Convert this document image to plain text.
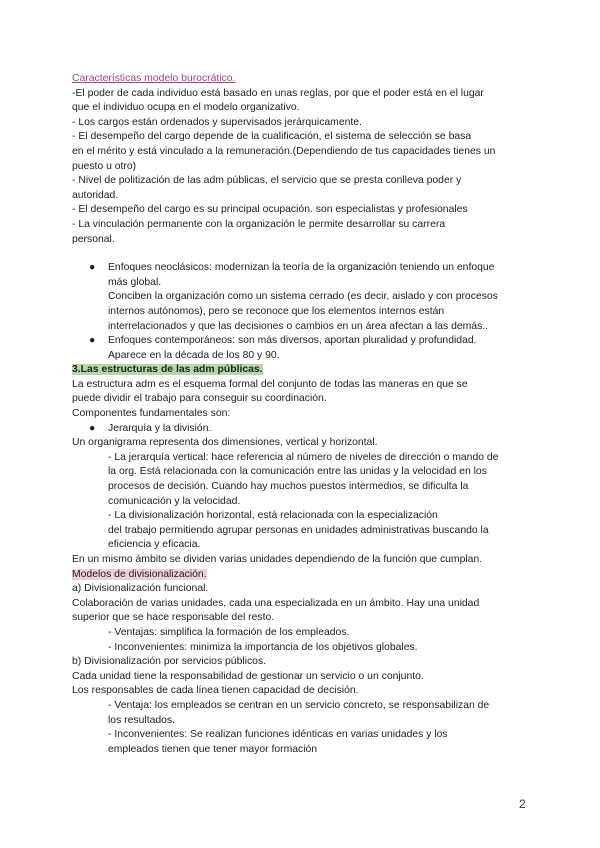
Características modelo burocrático.
-El poder de cada individuo está basado en unas reglas, por que el poder está en el lugar
que el individuo ocupa en el modelo organizativo.
- Los cargos están ordenados y supervisados jerárquicamente.
- El desempeño del cargo depende de la cualificación, el sistema de selección se basa
en el mérito y está vinculado a la remuneración.(Dependiendo de tus capacidades tienes un
puesto u otro)
- Nivel de politización de las adm públicas, el servicio que se presta conlleva poder y
autoridad.
- El desempeño del cargo es su principal ocupación. son especialistas y profesionales
- La vinculación permanente con la organización le permite desarrollar su carrera
personal.
● Enfoques neoclásicos: modernizan la teoría de la organización teniendo un enfoque
más global.
Conciben la organización como un sistema cerrado (es decir, aislado y con procesos
internos autónomos), pero se reconoce que los elementos internos están
interrelacionados y que las decisiones o cambios en un área afectan a las demás..
● Enfoques contemporáneos: son más diversos, aportan pluralidad y profundidad.
Aparece en la década de los 80 y 90.
3.Las estructuras de las adm públicas.
La estructura adm es el esquema formal del conjunto de todas las maneras en que se
puede dividir el trabajo para conseguir su coordinación.
Componentes fundamentales son:
● Jerarquía y la división.
Un organigrama representa dos dimensiones, vertical y horizontal.
- La jerarquía vertical: hace referencia al número de niveles de dirección o mando de
la org. Está relacionada con la comunicación entre las unidas y la velocidad en los
procesos de decisión. Cuando hay muchos puestos intermedios, se dificulta la
comunicación y la velocidad.
- La divisionalización horizontal, está relacionada con la especialización
del trabajo permitiendo agrupar personas en unidades administrativas buscando la
eficiencia y eficacia.
En un mismo ámbito se dividen varias unidades dependiendo de la función que cumplan.
Modelos de divisionalización.
a) Divisionalización funcional.
Colaboración de varias unidades, cada una especializada en un ámbito. Hay una unidad
superior que se hace responsable del resto.
- Ventajas: simplifica la formación de los empleados.
- Inconvenientes: minimiza la importancia de los objetivos globales.
b) Divisionalización por servicios públicos.
Cada unidad tiene la responsabilidad de gestionar un servicio o un conjunto.
Los responsables de cada línea tienen capacidad de decisión.
- Ventaja: los empleados se centran en un servicio concreto, se responsabilizan de
los resultados.
- Inconvenientes: Se realizan funciones idénticas en varias unidades y los
empleados tienen que tener mayor formación
2
